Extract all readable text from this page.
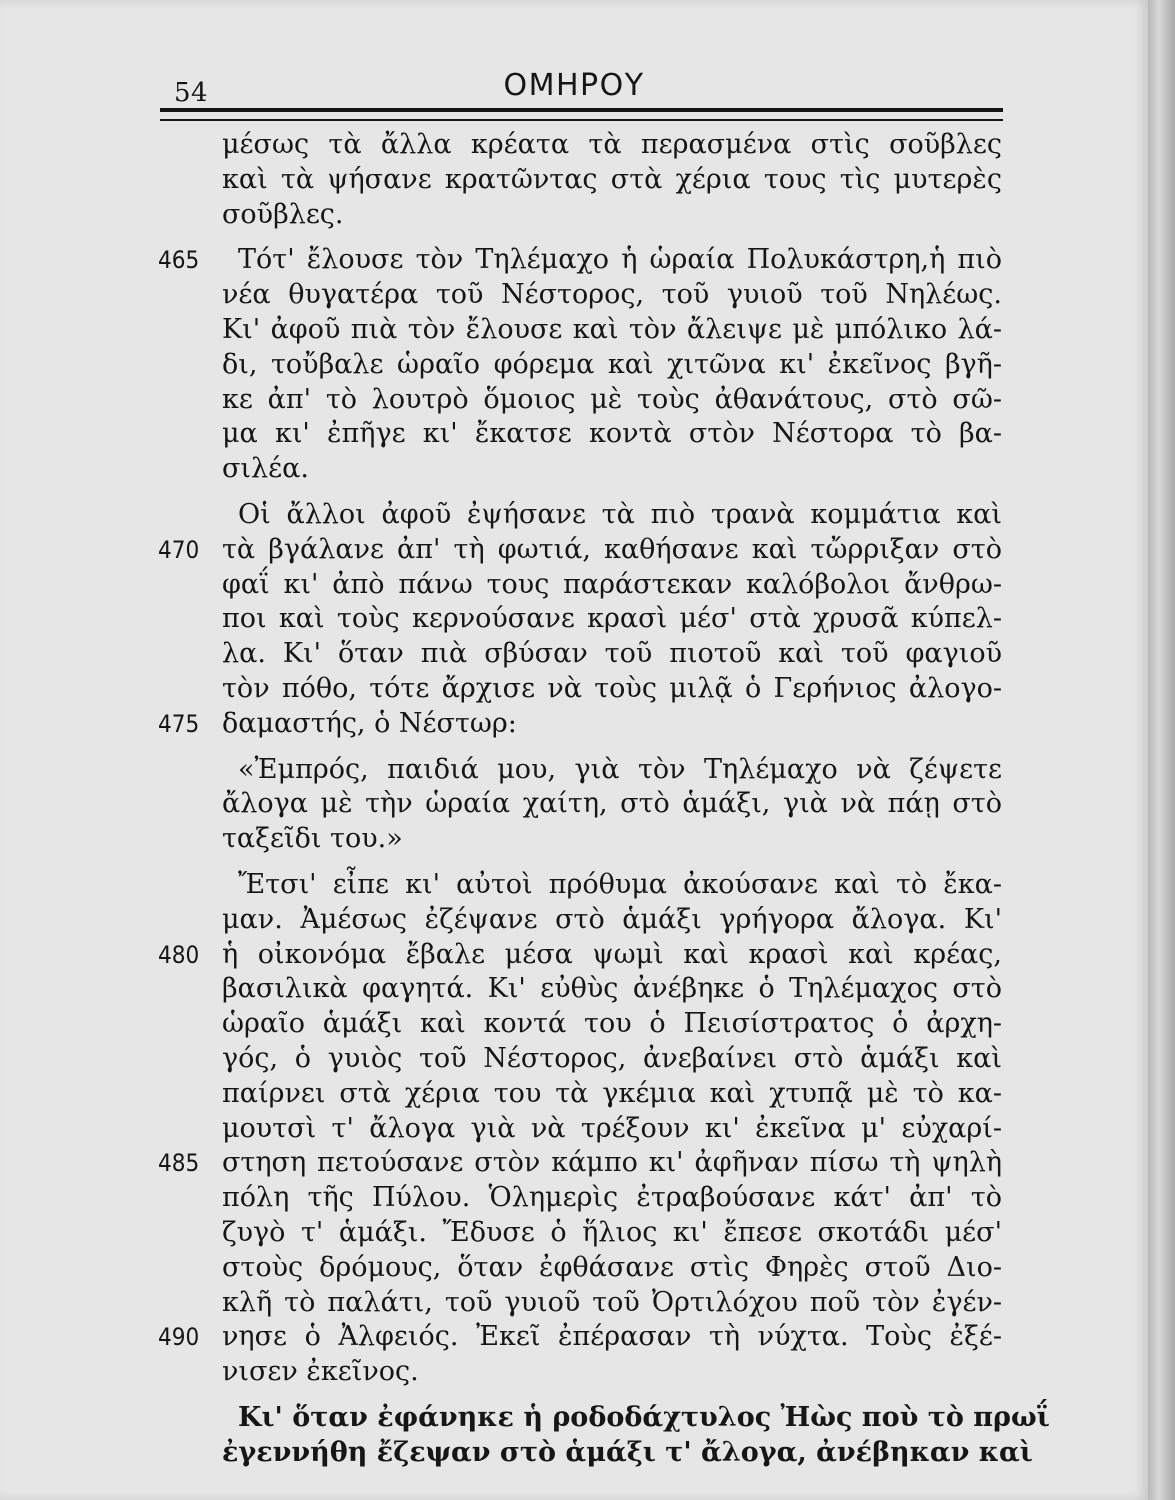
54	ΟΜΗΡΟΥ
μέσως τὰ ἄλλα κρέατα τὰ περασμένα στὶς σοῦβλες
καὶ τὰ ψήσανε κρατῶντας στὰ χέρια τους τὶς μυτερὲς
σοῦβλες.
Τότ' ἔλουσε τὸν Τηλέμαχο ἡ ὡραία Πολυκάστρη,ἡ πιὸ
465
νέα θυγατέρα τοῦ Νέστορος, τοῦ γυιοῦ τοῦ Νηλέως.
Κι' ἀφοῦ πιὰ τὸν ἔλουσε καὶ τὸν ἄλειψε μὲ μπόλικο λά-
δι, τοὔβαλε ὡραῖο φόρεμα καὶ χιτῶνα κι' ἐκεῖνος βγῆ-
κε ἀπ' τὸ λουτρὸ ὅμοιος μὲ τοὺς ἀθανάτους, στὸ σῶ-
μα κι' ἐπῆγε κι' ἔκατσε κοντὰ στὸν Νέστορα τὸ βα-
σιλέα.
Οἱ ἄλλοι ἀφοῦ ἐψήσανε τὰ πιὸ τρανὰ κομμάτια καὶ
τὰ βγάλανε ἀπ' τὴ φωτιά, καθήσανε καὶ τὤρριξαν στὸ
470
φαΐ κι' ἀπὸ πάνω τους παράστεκαν καλόβολοι ἄνθρω-
ποι καὶ τοὺς κερνούσανε κρασὶ μέσ' στὰ χρυσᾶ κύπελ-
λα. Κι' ὅταν πιὰ σβύσαν τοῦ πιοτοῦ καὶ τοῦ φαγιοῦ
τὸν πόθο, τότε ἄρχισε νὰ τοὺς μιλᾷ ὁ Γερήνιος ἀλογο-
δαμαστής, ὁ Νέστωρ:
475
«Ἐμπρός, παιδιά μου, γιὰ τὸν Τηλέμαχο νὰ ζέψετε
ἄλογα μὲ τὴν ὡραία χαίτη, στὸ ἁμάξι, γιὰ νὰ πάῃ στὸ
ταξεῖδι του.»
Ἔτσι' εἶπε κι' αὐτοὶ πρόθυμα ἀκούσανε καὶ τὸ ἔκα-
μαν. Ἀμέσως ἐζέψανε στὸ ἁμάξι γρήγορα ἄλογα. Κι'
ἡ οἰκονόμα ἔβαλε μέσα ψωμὶ καὶ κρασὶ καὶ κρέας,
480
βασιλικὰ φαγητά. Κι' εὐθὺς ἀνέβηκε ὁ Τηλέμαχος στὸ
ὡραῖο ἁμάξι καὶ κοντά του ὁ Πεισίστρατος ὁ ἀρχη-
γός, ὁ γυιὸς τοῦ Νέστορος, ἀνεβαίνει στὸ ἁμάξι καὶ
παίρνει στὰ χέρια του τὰ γκέμια καὶ χτυπᾷ μὲ τὸ κα-
μουτσὶ τ' ἄλογα γιὰ νὰ τρέξουν κι' ἐκεῖνα μ' εὐχαρί-
στηση πετούσανε στὸν κάμπο κι' ἀφῆναν πίσω τὴ ψηλὴ
485
πόλη τῆς Πύλου. Ὁλημερὶς ἐτραβούσανε κάτ' ἀπ' τὸ
ζυγὸ τ' ἁμάξι. Ἔδυσε ὁ ἥλιος κι' ἔπεσε σκοτάδι μέσ'
στοὺς δρόμους, ὅταν ἐφθάσανε στὶς Φηρὲς στοῦ Διο-
κλῆ τὸ παλάτι, τοῦ γυιοῦ τοῦ Ὀρτιλόχου ποῦ τὸν ἐγέν-
νησε ὁ Ἀλφειός. Ἐκεῖ ἐπέρασαν τὴ νύχτα. Τοὺς ἐξέ-
490
νισεν ἐκεῖνος.
Κι' ὅταν ἐφάνηκε ἡ ροδοδάχτυλος Ἠὼς ποὺ τὸ πρωΐ
ἐγεννήθη ἔζεψαν στὸ ἁμάξι τ' ἄλογα, ἀνέβηκαν καὶ
